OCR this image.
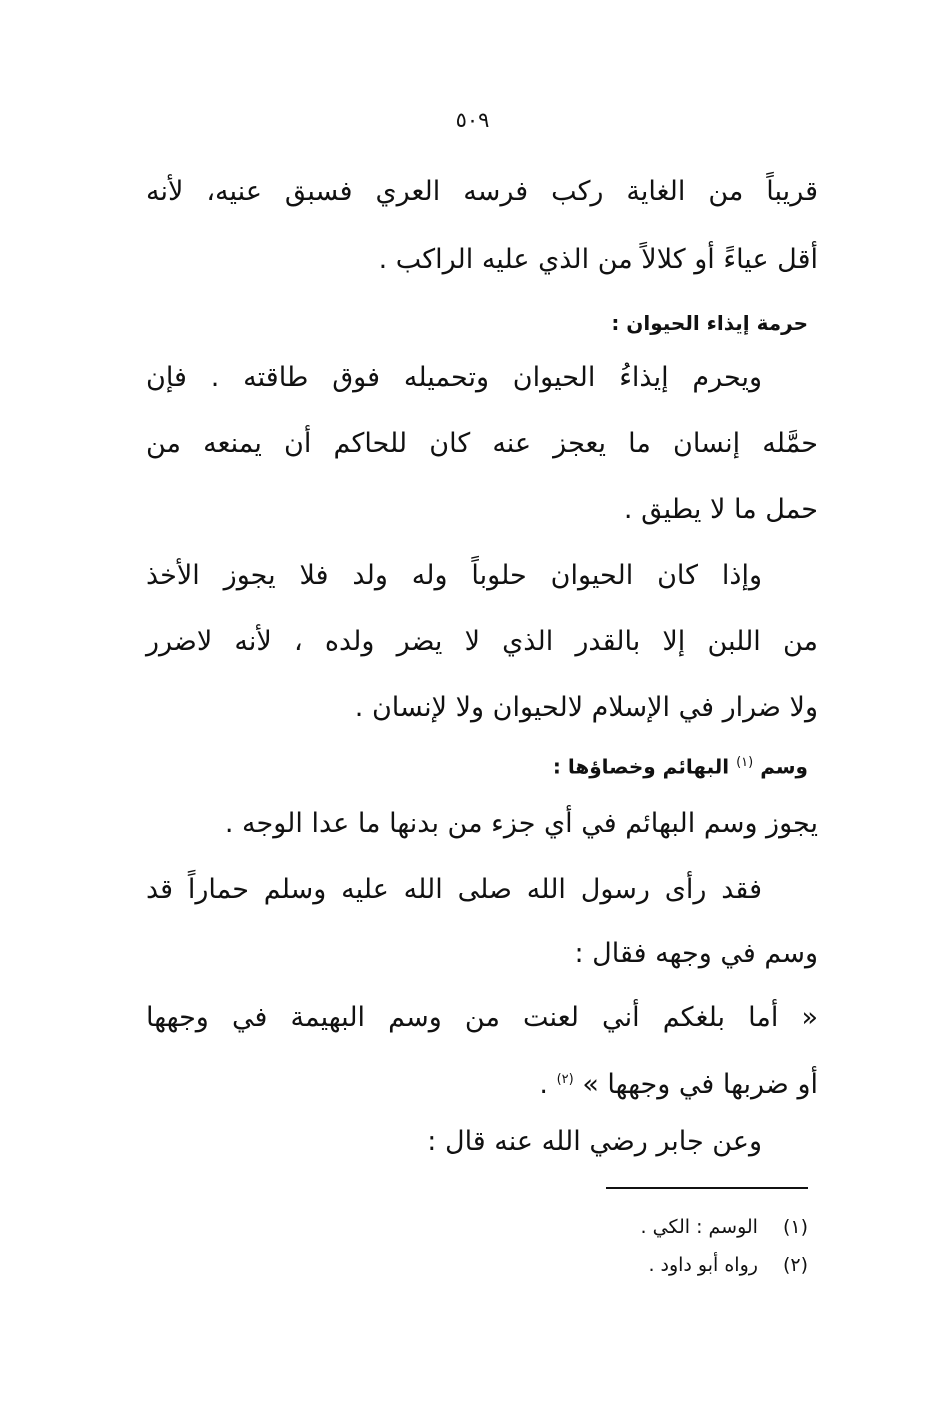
٥٠٩
قريباً من الغاية ركب فرسه العري فسبق عنيه، لأنه
أقل عياءً أو كلالاً من الذي عليه الراكب .
حرمة إيذاء الحيوان :
ويحرم إيذاءُ الحيوان وتحميله فوق طاقته . فإن
حمَّله إنسان ما يعجز عنه كان للحاكم أن يمنعه من
حمل ما لا يطيق .
وإذا كان الحيوان حلوباً وله ولد فلا يجوز الأخذ
من اللبن إلا بالقدر الذي لا يضر ولده ، لأنه لاضرر
ولا ضرار في الإسلام لالحيوان ولا لإنسان .
وسم $^{(١)}$ البهائم وخصاؤها :
يجوز وسم البهائم في أي جزء من بدنها ما عدا الوجه .
فقد رأى رسول الله صلى الله عليه وسلم حماراً قد
وسم في وجهه فقال :
« أما بلغكم أني لعنت من وسم البهيمة في وجهها
أو ضربها في وجهها » $^{(٢)}$ .
وعن جابر رضي الله عنه قال :
(١) الوسم : الكي .
(٢) رواه أبو داود .
